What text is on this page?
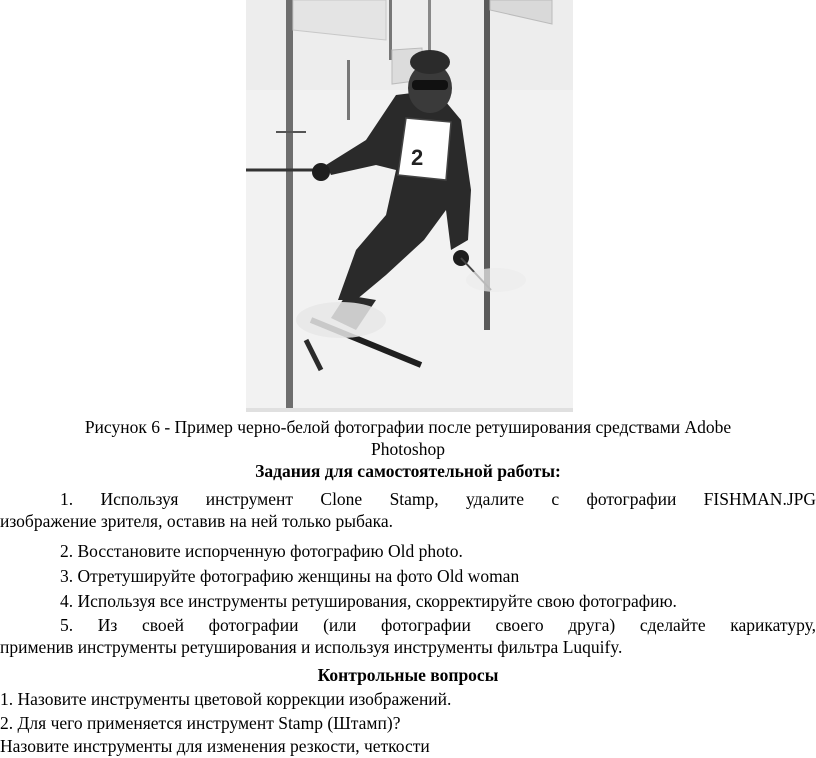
2
Рисунок 6 - Пример черно-белой фотографии после ретуширования средствами Adobe
Photoshop
Задания для самостоятельной работы:
1. Используя инструмент Clone Stamp, удалите с фотографии FISHMAN.JPG
изображение зрителя, оставив на ней только рыбака.
2. Восстановите испорченную фотографию Old photo.
3. Отретушируйте фотографию женщины на фото Old woman
4. Используя все инструменты ретуширования, скорректируйте свою фотографию.
5. Из своей фотографии (или фотографии своего друга) сделайте карикатуру,
применив инструменты ретуширования и используя инструменты фильтра Luquify.
Контрольные вопросы
1. Назовите инструменты цветовой коррекции изображений.
2. Для чего применяется инструмент Stamp (Штамп)?
Назовите инструменты для изменения резкости, четкости
